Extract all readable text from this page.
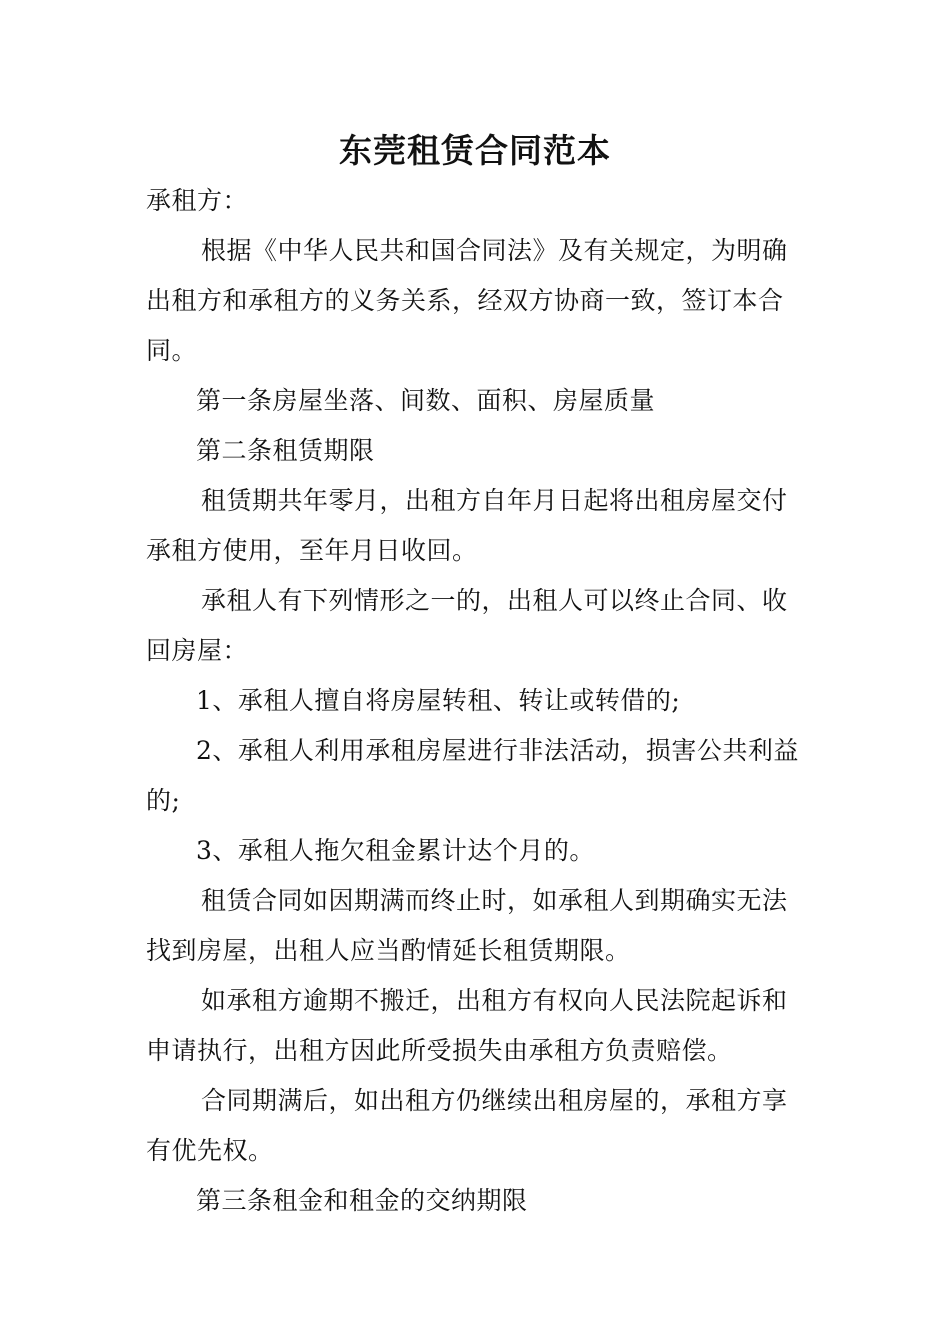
东莞租赁合同范本

承租方：

根据《中华人民共和国合同法》及有关规定，为明确出租方和承租方的义务关系，经双方协商一致，签订本合同。

第一条房屋坐落、间数、面积、房屋质量

第二条租赁期限

租赁期共年零月，出租方自年月日起将出租房屋交付承租方使用，至年月日收回。

承租人有下列情形之一的，出租人可以终止合同、收回房屋：

1、承租人擅自将房屋转租、转让或转借的;

2、承租人利用承租房屋进行非法活动，损害公共利益的;

3、承租人拖欠租金累计达个月的。

租赁合同如因期满而终止时，如承租人到期确实无法找到房屋，出租人应当酌情延长租赁期限。

如承租方逾期不搬迁，出租方有权向人民法院起诉和申请执行，出租方因此所受损失由承租方负责赔偿。

合同期满后，如出租方仍继续出租房屋的，承租方享有优先权。

第三条租金和租金的交纳期限
